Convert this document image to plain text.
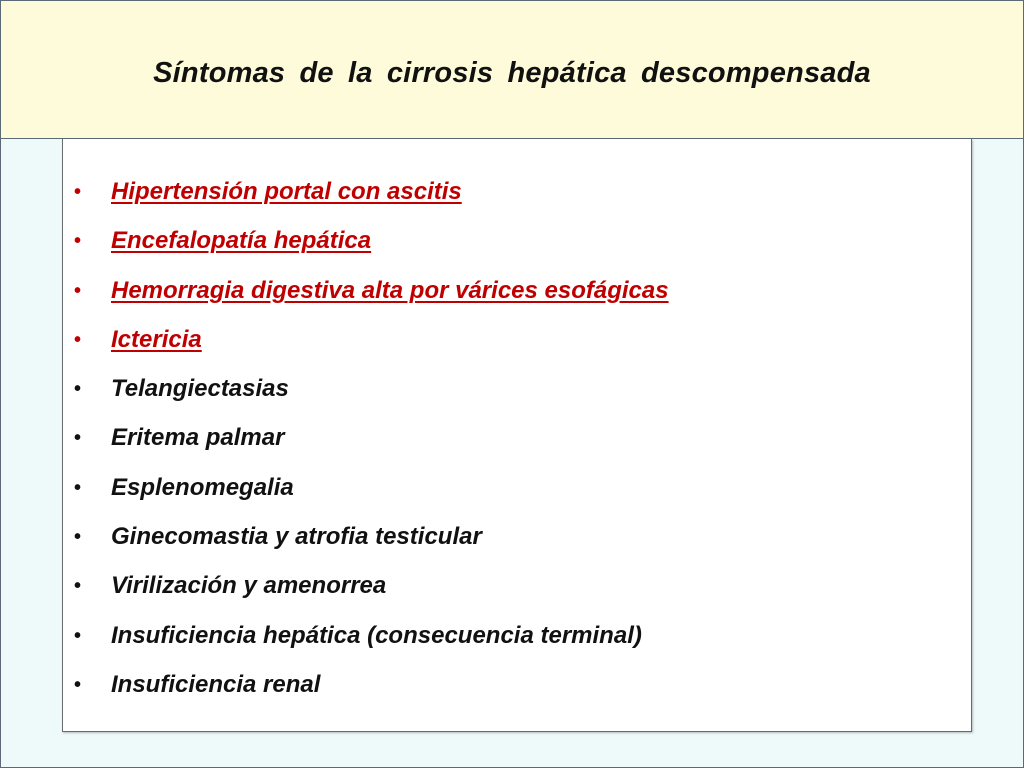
Síntomas de la cirrosis hepática descompensada
• Hipertensión portal con ascitis
• Encefalopatía hepática
• Hemorragia digestiva alta por várices esofágicas
• Ictericia
• Telangiectasias
• Eritema palmar
• Esplenomegalia
• Ginecomastia y atrofia testicular
• Virilización y amenorrea
• Insuficiencia hepática (consecuencia terminal)
• Insuficiencia renal
